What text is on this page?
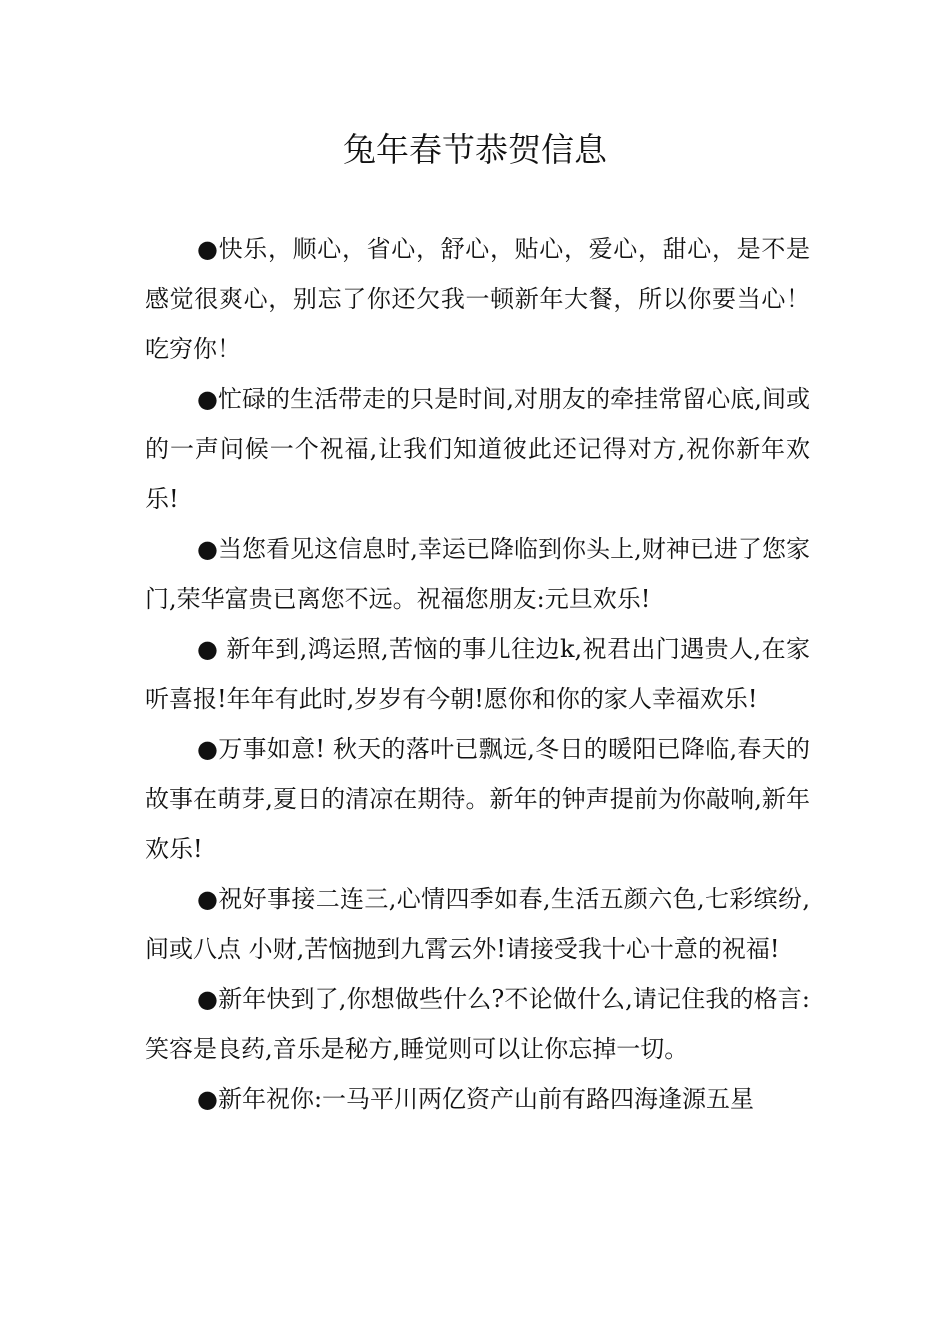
兔年春节恭贺信息

●快乐，顺心，省心，舒心，贴心，爱心，甜心，是不是感觉很爽心，别忘了你还欠我一顿新年大餐，所以你要当心！吃穷你！

●忙碌的生活带走的只是时间,对朋友的牵挂常留心底,间或的一声问候一个祝福,让我们知道彼此还记得对方,祝你新年欢乐!

●当您看见这信息时,幸运已降临到你头上,财神已进了您家门,荣华富贵已离您不远。祝福您朋友:元旦欢乐!

● 新年到,鸿运照,苦恼的事儿往边k,祝君出门遇贵人,在家听喜报!年年有此时,岁岁有今朝!愿你和你的家人幸福欢乐!

●万事如意! 秋天的落叶已飘远,冬日的暖阳已降临,春天的故事在萌芽,夏日的清凉在期待。新年的钟声提前为你敲响,新年欢乐!

●祝好事接二连三,心情四季如春,生活五颜六色,七彩缤纷,间或八点 小财,苦恼抛到九霄云外!请接受我十心十意的祝福!

●新年快到了,你想做些什么?不论做什么,请记住我的格言:笑容是良药,音乐是秘方,睡觉则可以让你忘掉一切。

●新年祝你:一马平川两亿资产山前有路四海逢源五星
